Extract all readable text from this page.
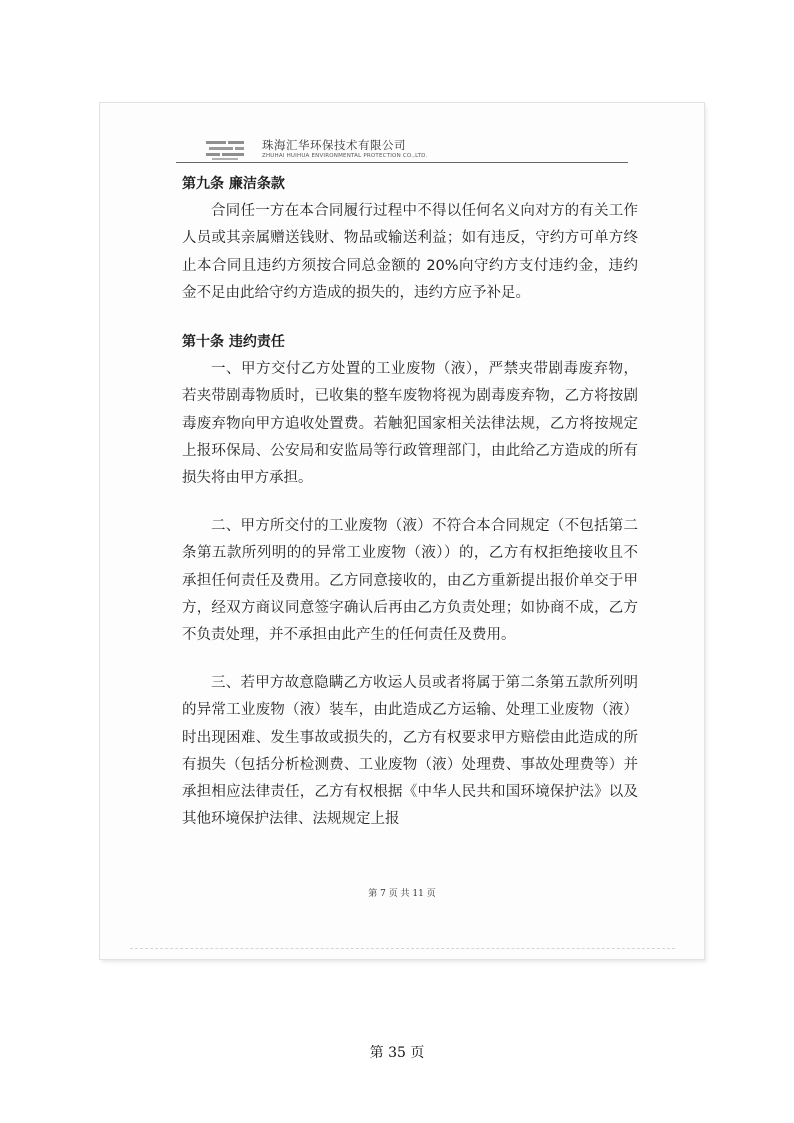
珠海汇华环保技术有限公司
ZHUHAI HUIHUA ENVIRONMENTAL PROTECTION CO.,LTD.
第九条 廉洁条款

合同任一方在本合同履行过程中不得以任何名义向对方的有关工作人员或其亲属赠送钱财、物品或输送利益；如有违反，守约方可单方终止本合同且违约方须按合同总金额的 20%向守约方支付违约金，违约金不足由此给守约方造成的损失的，违约方应予补足。

第十条 违约责任

一、甲方交付乙方处置的工业废物（液），严禁夹带剧毒废弃物，若夹带剧毒物质时，已收集的整车废物将视为剧毒废弃物，乙方将按剧毒废弃物向甲方追收处置费。若触犯国家相关法律法规，乙方将按规定上报环保局、公安局和安监局等行政管理部门，由此给乙方造成的所有损失将由甲方承担。

二、甲方所交付的工业废物（液）不符合本合同规定（不包括第二条第五款所列明的的异常工业废物（液））的，乙方有权拒绝接收且不承担任何责任及费用。乙方同意接收的，由乙方重新提出报价单交于甲方，经双方商议同意签字确认后再由乙方负责处理；如协商不成，乙方不负责处理，并不承担由此产生的任何责任及费用。

三、若甲方故意隐瞒乙方收运人员或者将属于第二条第五款所列明的异常工业废物（液）装车，由此造成乙方运输、处理工业废物（液）时出现困难、发生事故或损失的，乙方有权要求甲方赔偿由此造成的所有损失（包括分析检测费、工业废物（液）处理费、事故处理费等）并承担相应法律责任，乙方有权根据《中华人民共和国环境保护法》以及其他环境保护法律、法规规定上报

第 7 页 共 11 页
第 35 页
